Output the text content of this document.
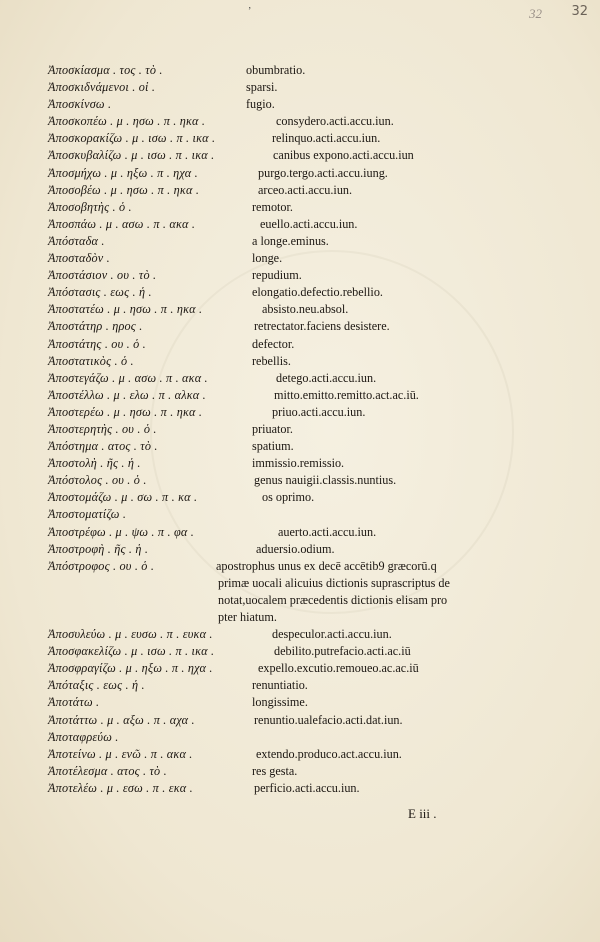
ʼ	32 32
Ἀποσκίασμα . τος . τὸ .	obumbratio.
Ἀποσκιδνάμενοι . οἱ .	sparsi.
Ἀποσκίνσω .	fugio.
Ἀποσκοπέω . μ . ησω . π . ηκα .	consydero.acti.accu.iun.
Ἀποσκορακίζω . μ . ισω . π . ικα .	relinquo.acti.accu.iun.
Ἀποσκυβαλίζω . μ . ισω . π . ικα .	canibus expono.acti.accu.iun
Ἀποσμήχω . μ . ηξω . π . ηχα .	purgo.tergo.acti.accu.iung.
Ἀποσοβέω . μ . ησω . π . ηκα .	arceo.acti.accu.iun.
Ἀποσοβητὴς . ὁ .	remotor.
Ἀποσπάω . μ . ασω . π . ακα .	euello.acti.accu.iun.
Ἀπόσταδα .	a longe.eminus.
Ἀποσταδὸν .	longe.
Ἀποστάσιον . ου . τὸ .	repudium.
Ἀπόστασις . εως . ἡ .	elongatio.defectio.rebellio.
Ἀποστατέω . μ . ησω . π . ηκα .	absisto.neu.absol.
Ἀποστάτηρ . ηρος .	retrectator.faciens desistere.
Ἀποστάτης . ου . ὁ .	defector.
Ἀποστατικὸς . ὁ .	rebellis.
Ἀποστεγάζω . μ . ασω . π . ακα .	detego.acti.accu.iun.
Ἀποστέλλω . μ . ελω . π . αλκα .	mitto.emitto.remitto.act.ac.iū.
Ἀποστερέω . μ . ησω . π . ηκα .	priuo.acti.accu.iun.
Ἀποστερητὴς . ου . ὁ .	priuator.
Ἀπόστημα . ατος . τὸ .	spatium.
Ἀποστολὴ . ῆς . ἡ .	immissio.remissio.
Ἀπόστολος . ου . ὁ .	genus nauigii.classis.nuntius.
Ἀποστομάζω . μ . σω . π . κα .	os oprimo.
Ἀποστοματίζω .
Ἀποστρέφω . μ . ψω . π . φα .	auerto.acti.accu.iun.
Ἀποστροφὴ . ῆς . ἡ .	aduersio.odium.
Ἀπόστροφος . ου . ὁ .	apostrophus unus ex decē accētib9 græcorū.q
primæ uocali alicuius dictionis suprascriptus de
notat,uocalem præcedentis dictionis elisam pro
pter hiatum.
Ἀποσυλεύω . μ . ευσω . π . ευκα .	despeculor.acti.accu.iun.
Ἀποσφακελίζω . μ . ισω . π . ικα .	debilito.putrefacio.acti.ac.iū
Ἀποσφραγίζω . μ . ηξω . π . ηχα .	expello.excutio.remoueo.ac.ac.iū
Ἀπόταξις . εως . ἡ .	renuntiatio.
Ἀποτάτω .	longissime.
Ἀποτάττω . μ . αξω . π . αχα .	renuntio.ualefacio.acti.dat.iun.
Ἀποταφρεύω .
Ἀποτείνω . μ . ενῶ . π . ακα .	extendo.produco.act.accu.iun.
Ἀποτέλεσμα . ατος . τὸ .	res gesta.
Ἀποτελέω . μ . εσω . π . εκα .	perficio.acti.accu.iun.
E iii .
